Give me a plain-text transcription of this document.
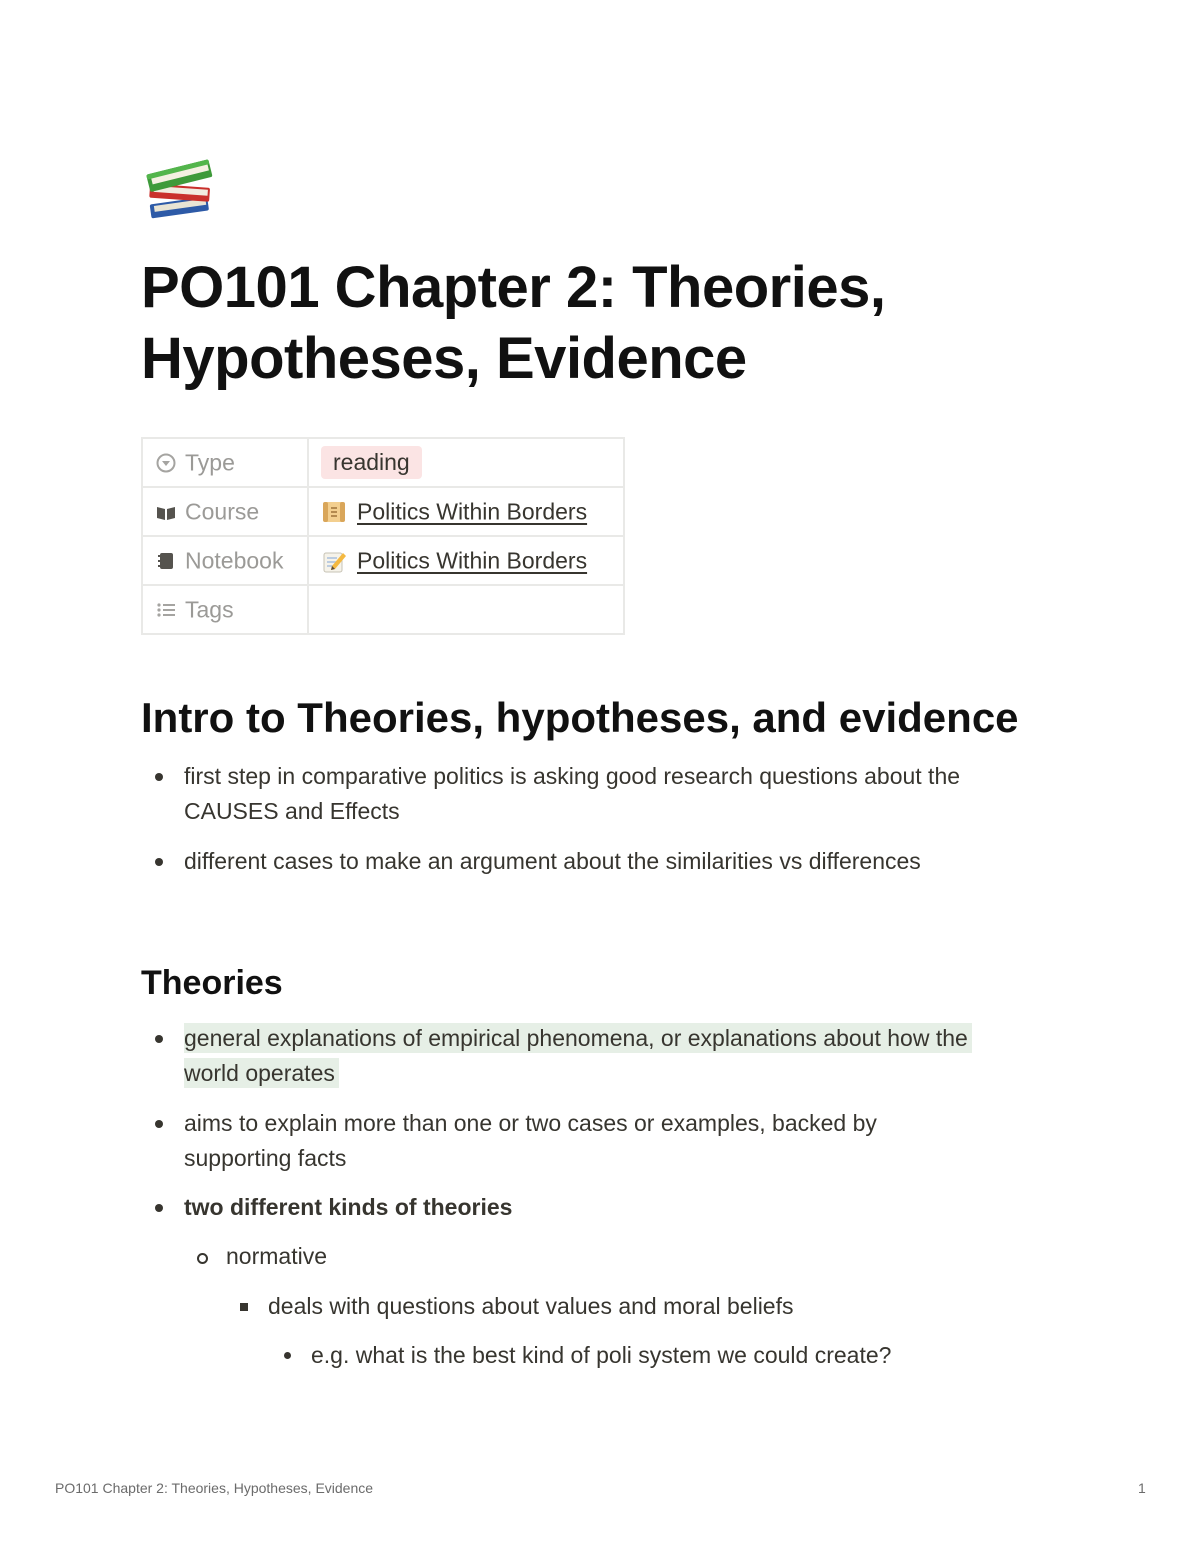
PO101 Chapter 2: Theories, Hypotheses, Evidence
Type	reading
Course	Politics Within Borders
Notebook	Politics Within Borders
Tags	
Intro to Theories, hypotheses, and evidence
first step in comparative politics is asking good research questions about the
CAUSES and Effects
different cases to make an argument about the similarities vs differences
Theories
general explanations of empirical phenomena, or explanations about how the
world operates
aims to explain more than one or two cases or examples, backed by
supporting facts
two different kinds of theories
normative
deals with questions about values and moral beliefs
e.g. what is the best kind of poli system we could create?
PO101 Chapter 2: Theories, Hypotheses, Evidence	1
